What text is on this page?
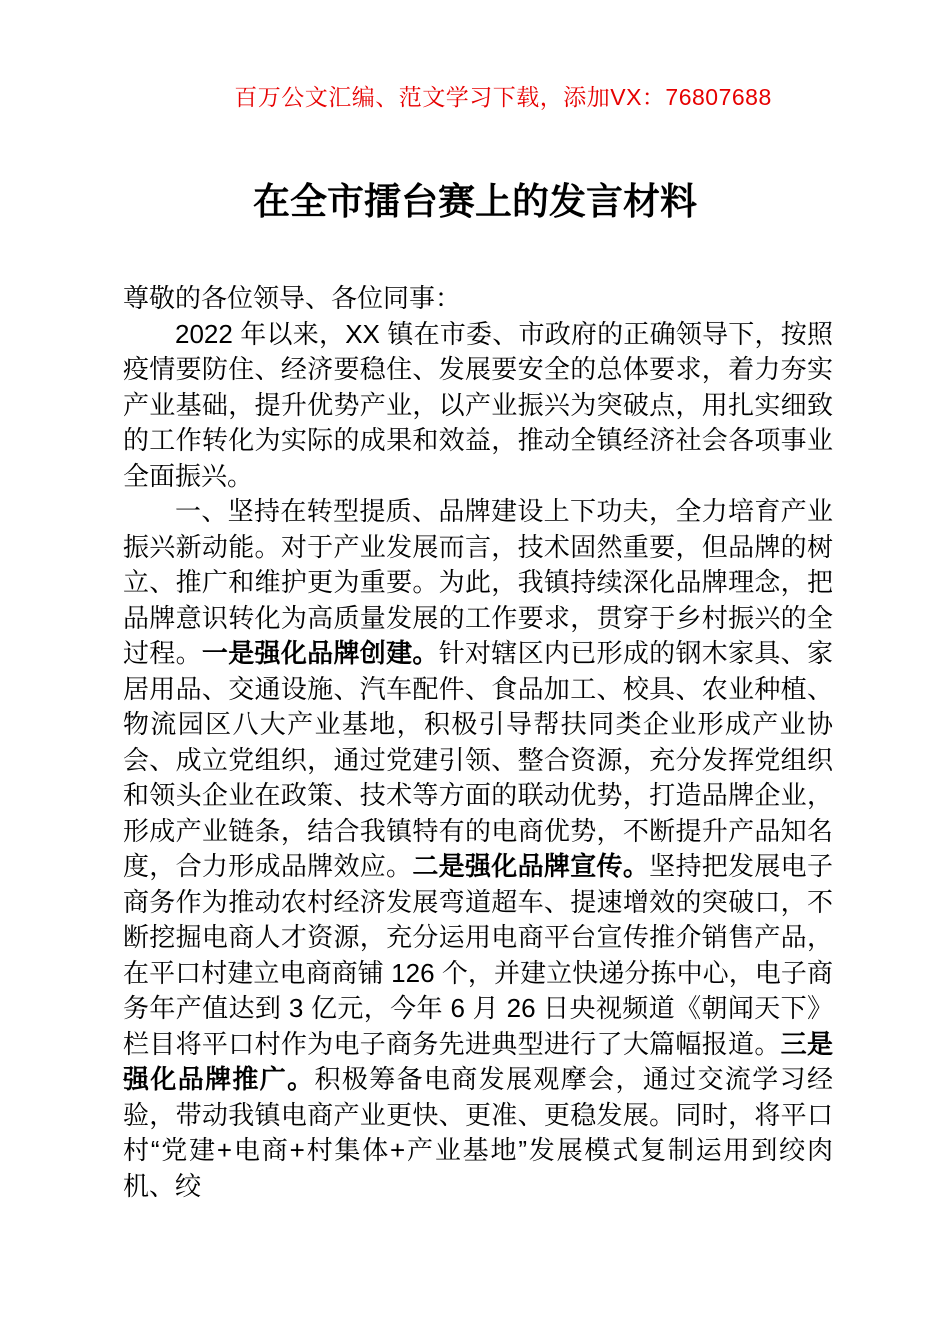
百万公文汇编、范文学习下载，添加VX：76807688
在全市擂台赛上的发言材料

尊敬的各位领导、各位同事：

2022 年以来，XX 镇在市委、市政府的正确领导下，按照疫情要防住、经济要稳住、发展要安全的总体要求，着力夯实产业基础，提升优势产业，以产业振兴为突破点，用扎实细致的工作转化为实际的成果和效益，推动全镇经济社会各项事业全面振兴。

一、坚持在转型提质、品牌建设上下功夫，全力培育产业振兴新动能。对于产业发展而言，技术固然重要，但品牌的树立、推广和维护更为重要。为此，我镇持续深化品牌理念，把品牌意识转化为高质量发展的工作要求，贯穿于乡村振兴的全过程。一是强化品牌创建。针对辖区内已形成的钢木家具、家居用品、交通设施、汽车配件、食品加工、校具、农业种植、物流园区八大产业基地，积极引导帮扶同类企业形成产业协会、成立党组织，通过党建引领、整合资源，充分发挥党组织和领头企业在政策、技术等方面的联动优势，打造品牌企业，形成产业链条，结合我镇特有的电商优势，不断提升产品知名度，合力形成品牌效应。二是强化品牌宣传。坚持把发展电子商务作为推动农村经济发展弯道超车、提速增效的突破口，不断挖掘电商人才资源，充分运用电商平台宣传推介销售产品，在平口村建立电商商铺 126 个，并建立快递分拣中心，电子商务年产值达到 3 亿元，今年 6 月 26 日央视频道《朝闻天下》栏目将平口村作为电子商务先进典型进行了大篇幅报道。三是强化品牌推广。积极筹备电商发展观摩会，通过交流学习经验，带动我镇电商产业更快、更准、更稳发展。同时，将平口村“党建+电商+村集体+产业基地”发展模式复制运用到绞肉机、绞
